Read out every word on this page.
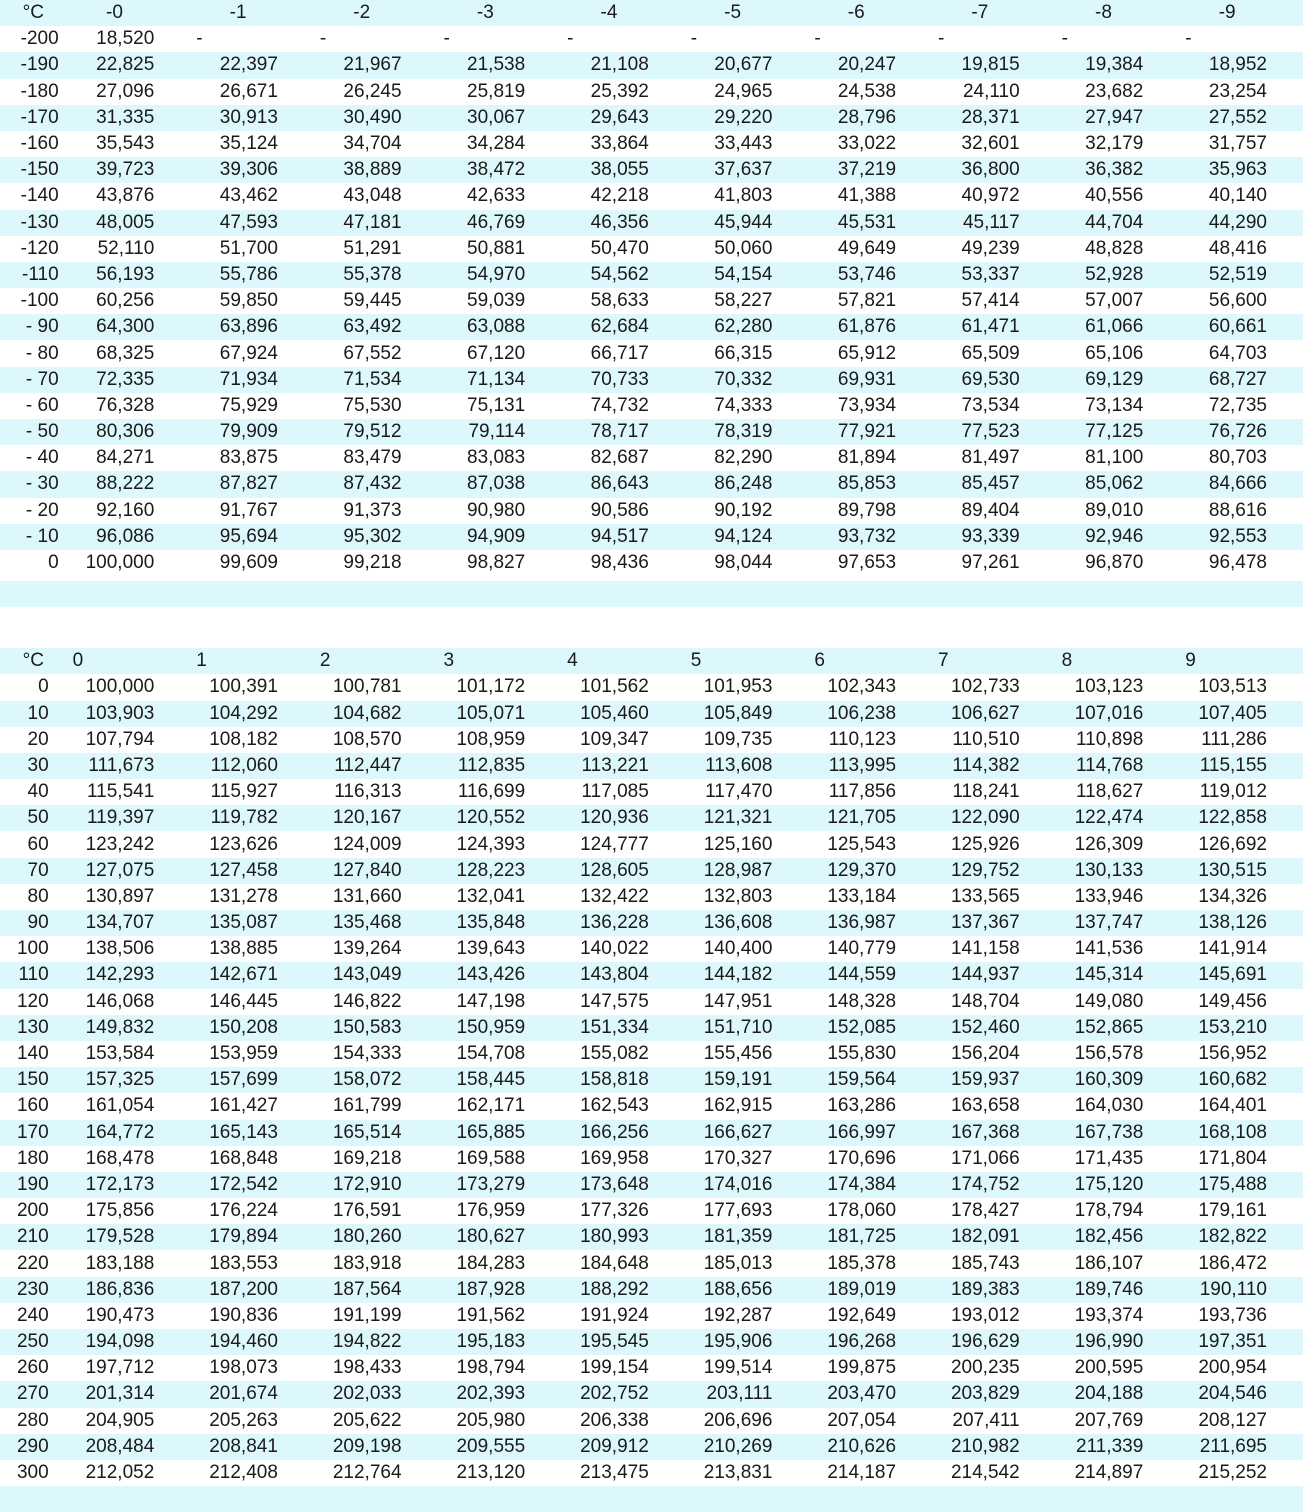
°C	-0	-1	-2	-3	-4	-5	-6	-7	-8	-9
-200	18,520	-	-	-	-	-	-	-	-	-
-190	22,825	22,397	21,967	21,538	21,108	20,677	20,247	19,815	19,384	18,952
-180	27,096	26,671	26,245	25,819	25,392	24,965	24,538	24,110	23,682	23,254
-170	31,335	30,913	30,490	30,067	29,643	29,220	28,796	28,371	27,947	27,552
-160	35,543	35,124	34,704	34,284	33,864	33,443	33,022	32,601	32,179	31,757
-150	39,723	39,306	38,889	38,472	38,055	37,637	37,219	36,800	36,382	35,963
-140	43,876	43,462	43,048	42,633	42,218	41,803	41,388	40,972	40,556	40,140
-130	48,005	47,593	47,181	46,769	46,356	45,944	45,531	45,117	44,704	44,290
-120	52,110	51,700	51,291	50,881	50,470	50,060	49,649	49,239	48,828	48,416
-110	56,193	55,786	55,378	54,970	54,562	54,154	53,746	53,337	52,928	52,519
-100	60,256	59,850	59,445	59,039	58,633	58,227	57,821	57,414	57,007	56,600
- 90	64,300	63,896	63,492	63,088	62,684	62,280	61,876	61,471	61,066	60,661
- 80	68,325	67,924	67,552	67,120	66,717	66,315	65,912	65,509	65,106	64,703
- 70	72,335	71,934	71,534	71,134	70,733	70,332	69,931	69,530	69,129	68,727
- 60	76,328	75,929	75,530	75,131	74,732	74,333	73,934	73,534	73,134	72,735
- 50	80,306	79,909	79,512	79,114	78,717	78,319	77,921	77,523	77,125	76,726
- 40	84,271	83,875	83,479	83,083	82,687	82,290	81,894	81,497	81,100	80,703
- 30	88,222	87,827	87,432	87,038	86,643	86,248	85,853	85,457	85,062	84,666
- 20	92,160	91,767	91,373	90,980	90,586	90,192	89,798	89,404	89,010	88,616
- 10	96,086	95,694	95,302	94,909	94,517	94,124	93,732	93,339	92,946	92,553
0	100,000	99,609	99,218	98,827	98,436	98,044	97,653	97,261	96,870	96,478
°C	0	1	2	3	4	5	6	7	8	9
0	100,000	100,391	100,781	101,172	101,562	101,953	102,343	102,733	103,123	103,513
10	103,903	104,292	104,682	105,071	105,460	105,849	106,238	106,627	107,016	107,405
20	107,794	108,182	108,570	108,959	109,347	109,735	110,123	110,510	110,898	111,286
30	111,673	112,060	112,447	112,835	113,221	113,608	113,995	114,382	114,768	115,155
40	115,541	115,927	116,313	116,699	117,085	117,470	117,856	118,241	118,627	119,012
50	119,397	119,782	120,167	120,552	120,936	121,321	121,705	122,090	122,474	122,858
60	123,242	123,626	124,009	124,393	124,777	125,160	125,543	125,926	126,309	126,692
70	127,075	127,458	127,840	128,223	128,605	128,987	129,370	129,752	130,133	130,515
80	130,897	131,278	131,660	132,041	132,422	132,803	133,184	133,565	133,946	134,326
90	134,707	135,087	135,468	135,848	136,228	136,608	136,987	137,367	137,747	138,126
100	138,506	138,885	139,264	139,643	140,022	140,400	140,779	141,158	141,536	141,914
110	142,293	142,671	143,049	143,426	143,804	144,182	144,559	144,937	145,314	145,691
120	146,068	146,445	146,822	147,198	147,575	147,951	148,328	148,704	149,080	149,456
130	149,832	150,208	150,583	150,959	151,334	151,710	152,085	152,460	152,865	153,210
140	153,584	153,959	154,333	154,708	155,082	155,456	155,830	156,204	156,578	156,952
150	157,325	157,699	158,072	158,445	158,818	159,191	159,564	159,937	160,309	160,682
160	161,054	161,427	161,799	162,171	162,543	162,915	163,286	163,658	164,030	164,401
170	164,772	165,143	165,514	165,885	166,256	166,627	166,997	167,368	167,738	168,108
180	168,478	168,848	169,218	169,588	169,958	170,327	170,696	171,066	171,435	171,804
190	172,173	172,542	172,910	173,279	173,648	174,016	174,384	174,752	175,120	175,488
200	175,856	176,224	176,591	176,959	177,326	177,693	178,060	178,427	178,794	179,161
210	179,528	179,894	180,260	180,627	180,993	181,359	181,725	182,091	182,456	182,822
220	183,188	183,553	183,918	184,283	184,648	185,013	185,378	185,743	186,107	186,472
230	186,836	187,200	187,564	187,928	188,292	188,656	189,019	189,383	189,746	190,110
240	190,473	190,836	191,199	191,562	191,924	192,287	192,649	193,012	193,374	193,736
250	194,098	194,460	194,822	195,183	195,545	195,906	196,268	196,629	196,990	197,351
260	197,712	198,073	198,433	198,794	199,154	199,514	199,875	200,235	200,595	200,954
270	201,314	201,674	202,033	202,393	202,752	203,111	203,470	203,829	204,188	204,546
280	204,905	205,263	205,622	205,980	206,338	206,696	207,054	207,411	207,769	208,127
290	208,484	208,841	209,198	209,555	209,912	210,269	210,626	210,982	211,339	211,695
300	212,052	212,408	212,764	213,120	213,475	213,831	214,187	214,542	214,897	215,252
